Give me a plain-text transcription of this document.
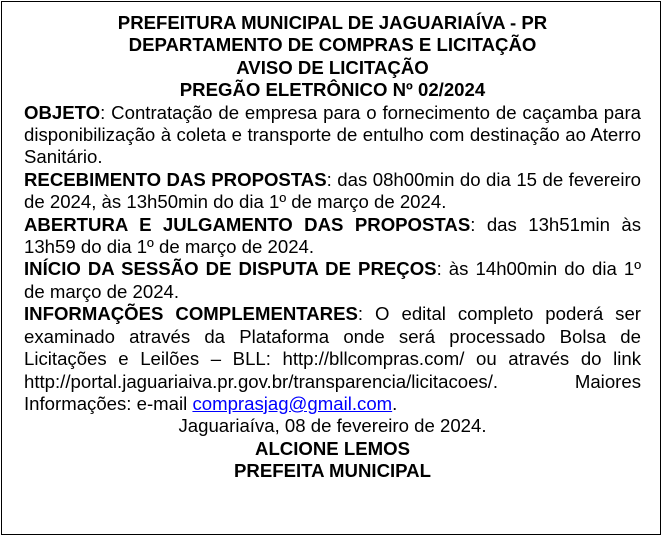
PREFEITURA MUNICIPAL DE JAGUARIAÍVA - PR
DEPARTAMENTO DE COMPRAS E LICITAÇÃO
AVISO DE LICITAÇÃO
PREGÃO ELETRÔNICO Nº 02/2024

OBJETO: Contratação de empresa para o fornecimento de caçamba para disponibilização à coleta e transporte de entulho com destinação ao Aterro Sanitário.

RECEBIMENTO DAS PROPOSTAS: das 08h00min do dia 15 de fevereiro de 2024, às 13h50min do dia 1º de março de 2024.

ABERTURA E JULGAMENTO DAS PROPOSTAS: das 13h51min às 13h59 do dia 1º de março de 2024.

INÍCIO DA SESSÃO DE DISPUTA DE PREÇOS: às 14h00min do dia 1º de março de 2024.

INFORMAÇÕES COMPLEMENTARES: O edital completo poderá ser examinado através da Plataforma onde será processado Bolsa de Licitações e Leilões – BLL: http://bllcompras.com/ ou através do link http://portal.jaguariaiva.pr.gov.br/transparencia/licitacoes/. Maiores Informações: e-mail comprasjag@gmail.com.

Jaguariaíva, 08 de fevereiro de 2024.
ALCIONE LEMOS
PREFEITA MUNICIPAL
